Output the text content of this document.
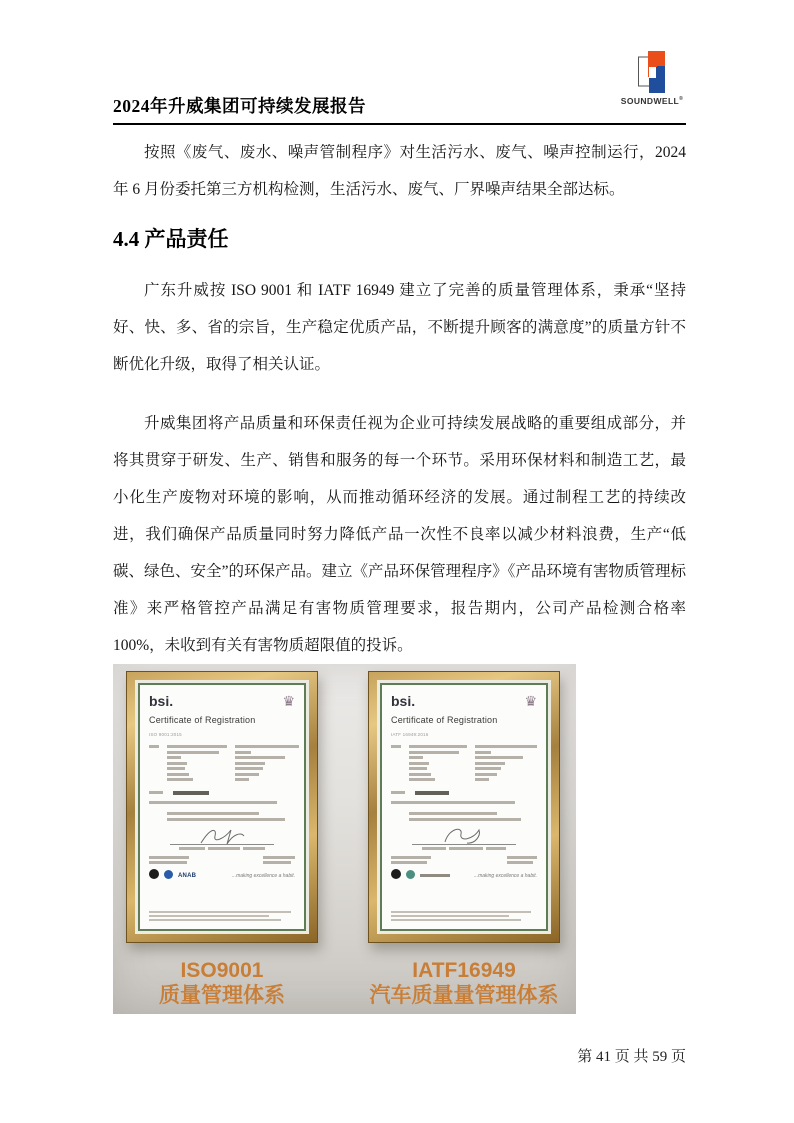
2024年升威集团可持续发展报告	SOUNDWELL®

按照《废气、废水、噪声管制程序》对生活污水、废气、噪声控制运行，2024 年 6 月份委托第三方机构检测，生活污水、废气、厂界噪声结果全部达标。

4.4 产品责任

广东升威按 ISO 9001 和 IATF 16949 建立了完善的质量管理体系，秉承“坚持好、快、多、省的宗旨，生产稳定优质产品，不断提升顾客的满意度”的质量方针不断优化升级，取得了相关认证。

升威集团将产品质量和环保责任视为企业可持续发展战略的重要组成部分，并将其贯穿于研发、生产、销售和服务的每一个环节。采用环保材料和制造工艺，最小化生产废物对环境的影响，从而推动循环经济的发展。通过制程工艺的持续改进，我们确保产品质量同时努力降低产品一次性不良率以减少材料浪费，生产“低碳、绿色、安全”的环保产品。建立《产品环保管理程序》《产品环境有害物质管理标准》来严格管控产品满足有害物质管理要求，报告期内，公司产品检测合格率 100%，未收到有关有害物质超限值的投诉。

bsi.	♛
Certificate of Registration
ISO 9001:2015
ANAB	...making excellence a habit.
ISO9001
质量管理体系
bsi.	♛
Certificate of Registration
IATF 16949:2016
...making excellence a habit.
IATF16949
汽车质量量管理体系
第 41 页 共 59 页
